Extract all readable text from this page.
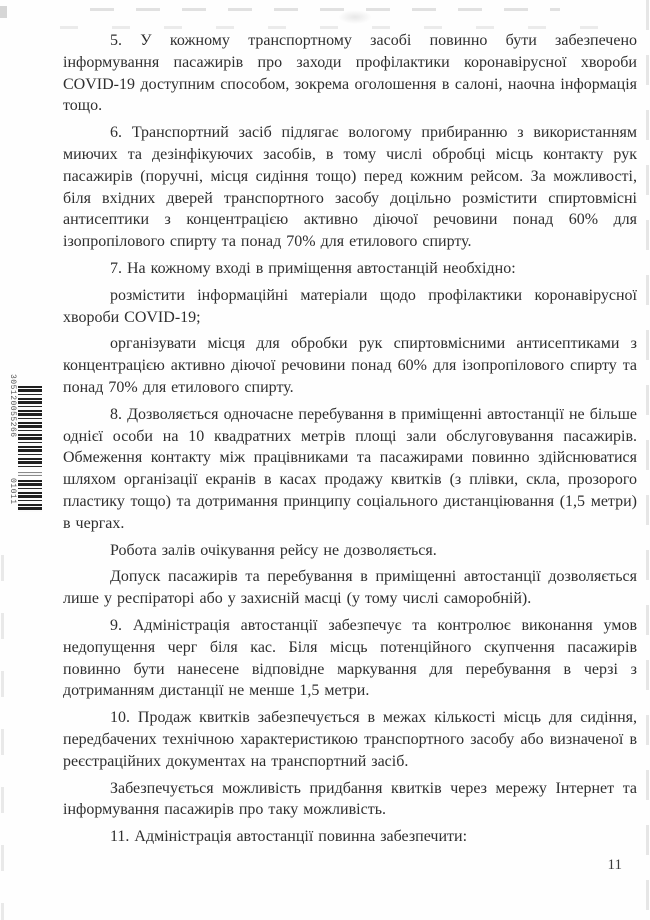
305120055266
01011

5. У кожному транспортному засобі повинно бути забезпечено інформування пасажирів про заходи профілактики коронавірусної хвороби COVID-19 доступним способом, зокрема оголошення в салоні, наочна інформація тощо.

6. Транспортний засіб підлягає вологому прибиранню з використанням миючих та дезінфікуючих засобів, в тому числі обробці місць контакту рук пасажирів (поручні, місця сидіння тощо) перед кожним рейсом. За можливості, біля вхідних дверей транспортного засобу доцільно розмістити спиртовмісні антисептики з концентрацією активно діючої речовини понад 60% для ізопропілового спирту та понад 70% для етилового спирту.

7. На кожному вході в приміщення автостанцій необхідно:

розмістити інформаційні матеріали щодо профілактики коронавірусної хвороби COVID-19;

організувати місця для обробки рук спиртовмісними антисептиками з концентрацією активно діючої речовини понад 60% для ізопропілового спирту та понад 70% для етилового спирту.

8. Дозволяється одночасне перебування в приміщенні автостанції не більше однієї особи на 10 квадратних метрів площі зали обслуговування пасажирів. Обмеження контакту між працівниками та пасажирами повинно здійснюватися шляхом організації екранів в касах продажу квитків (з плівки, скла, прозорого пластику тощо) та дотримання принципу соціального дистанціювання (1,5 метри) в чергах.

Робота залів очікування рейсу не дозволяється.

Допуск пасажирів та перебування в приміщенні автостанції дозволяється лише у респіраторі або у захисній масці (у тому числі саморобній).

9. Адміністрація автостанції забезпечує та контролює виконання умов недопущення черг біля кас. Біля місць потенційного скупчення пасажирів повинно бути нанесене відповідне маркування для перебування в черзі з дотриманням дистанції не менше 1,5 метри.

10. Продаж квитків забезпечується в межах кількості місць для сидіння, передбачених технічною характеристикою транспортного засобу або визначеної в реєстраційних документах на транспортний засіб.

Забезпечується можливість придбання квитків через мережу Інтернет та інформування пасажирів про таку можливість.

11. Адміністрація автостанції повинна забезпечити:

11
